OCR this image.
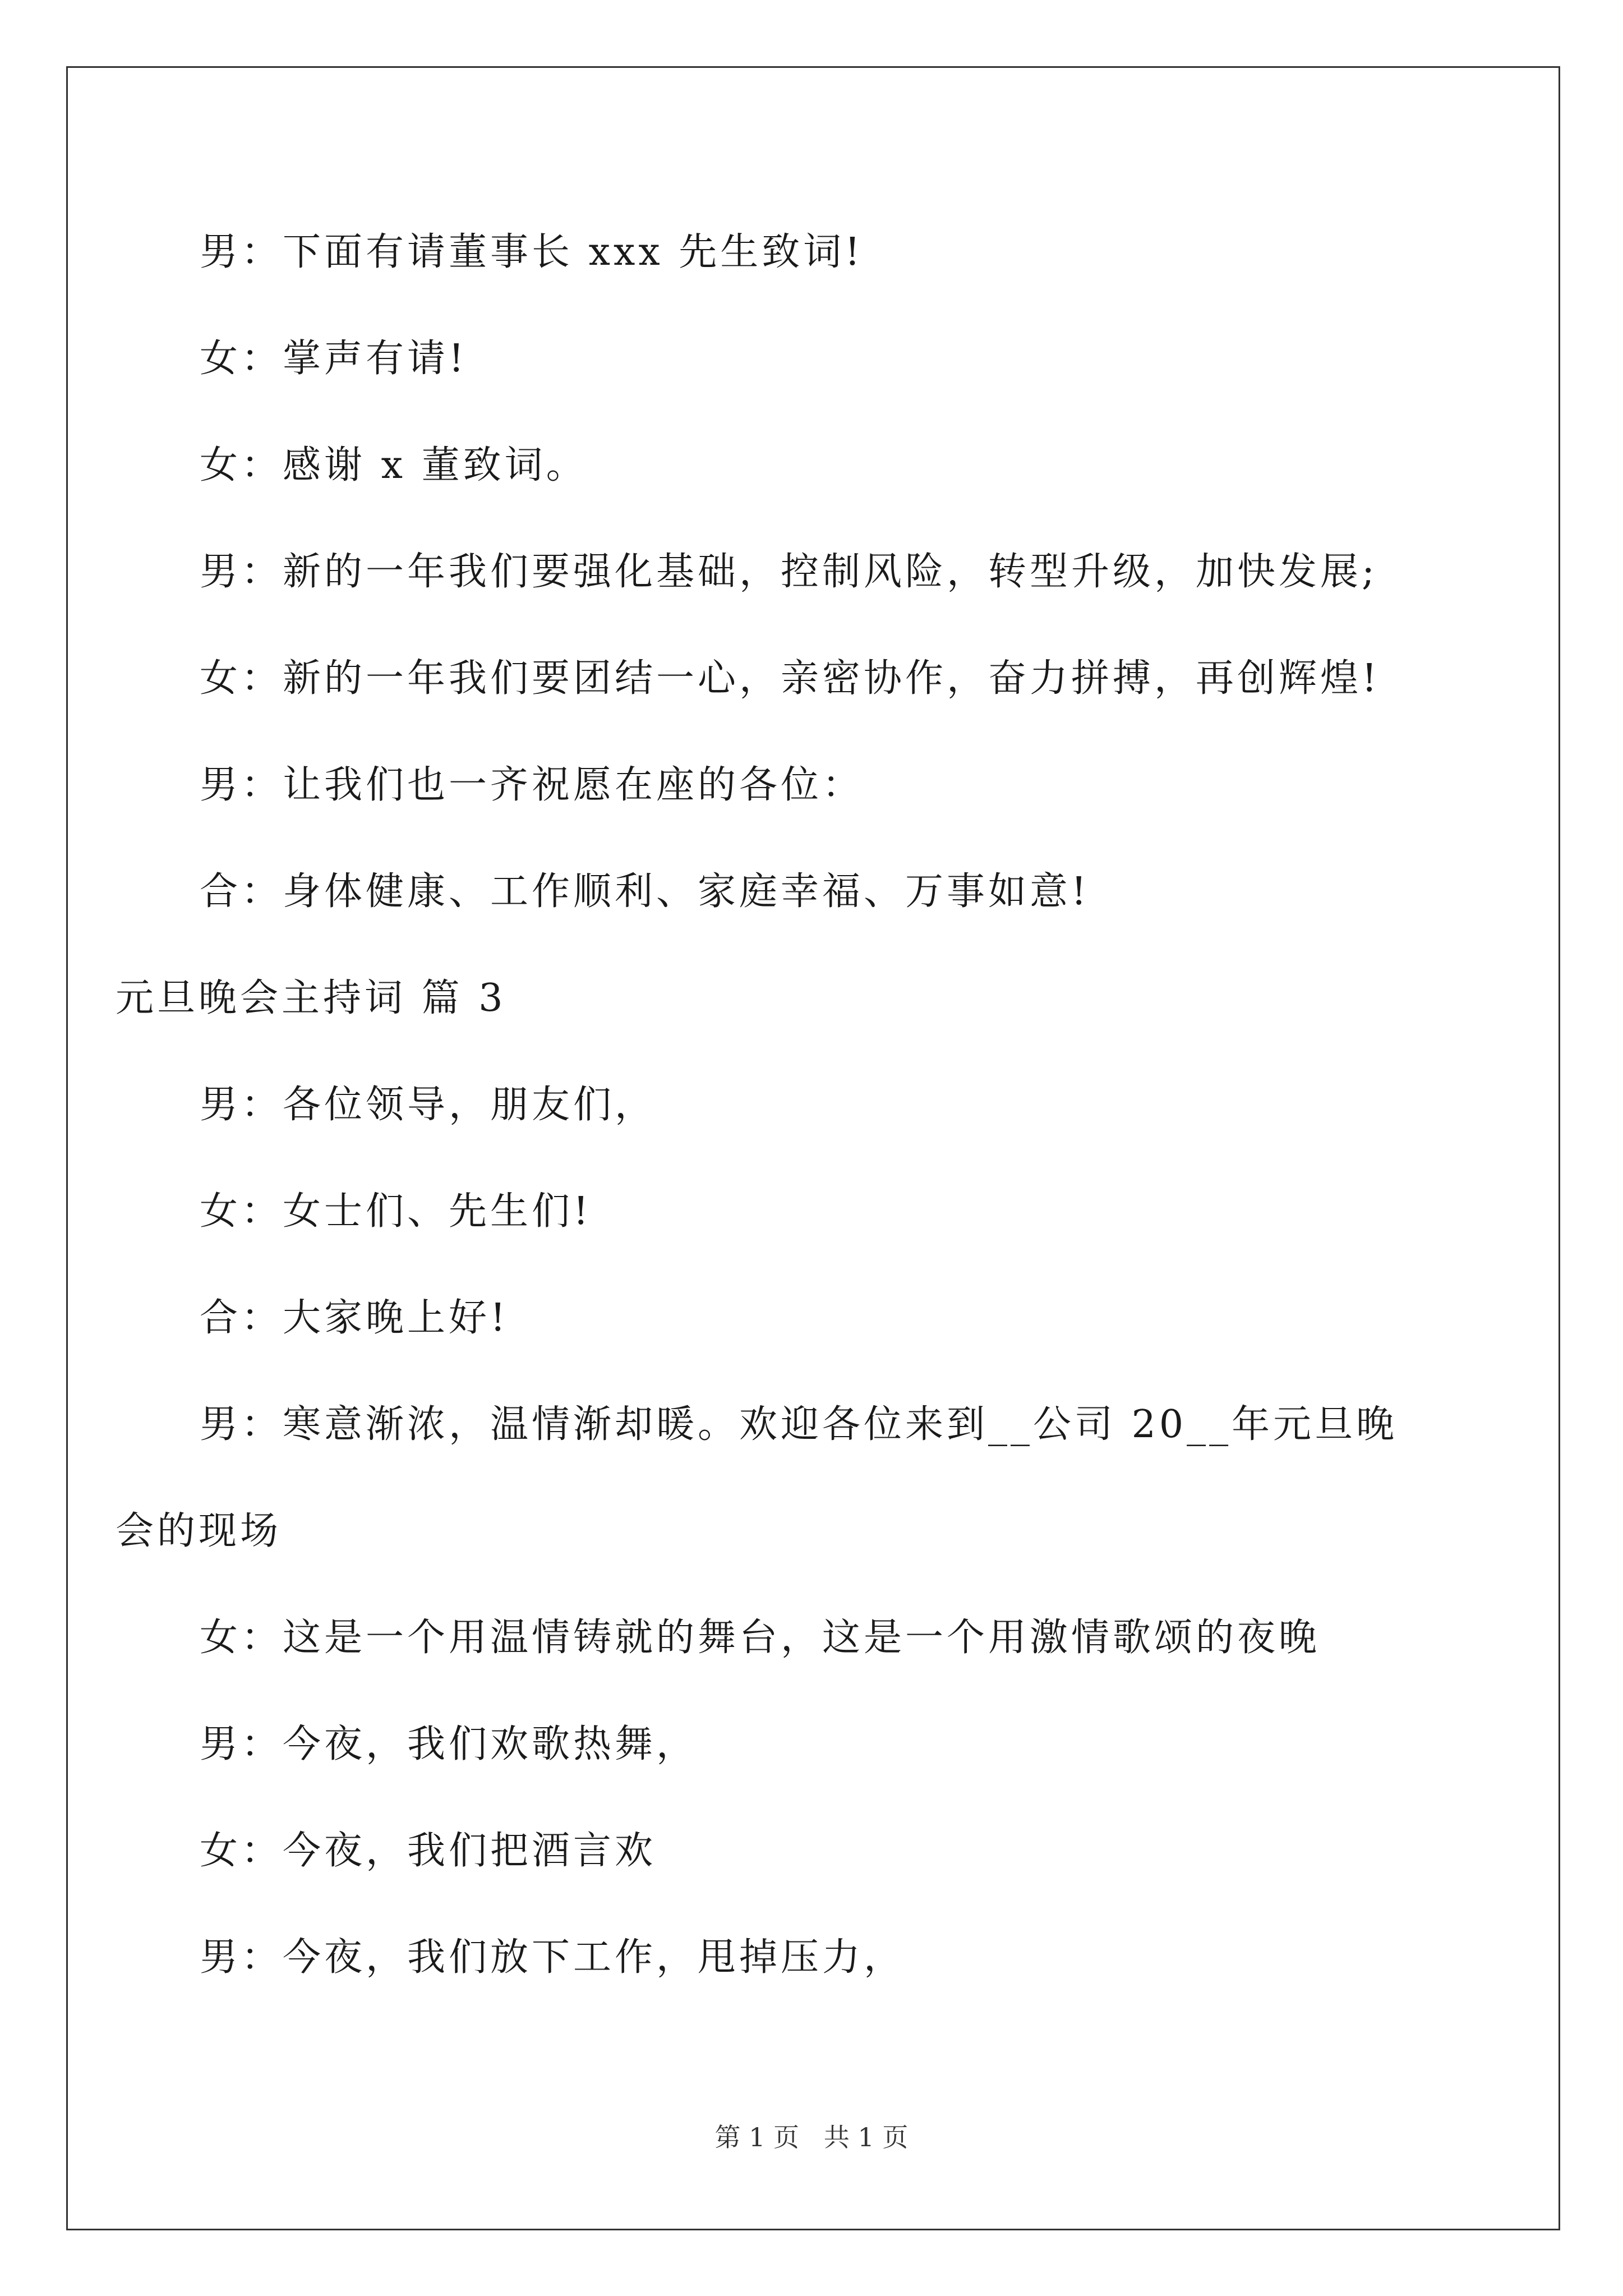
男：下面有请董事长 xxx 先生致词!
女：掌声有请!
女：感谢 x 董致词。
男：新的一年我们要强化基础，控制风险，转型升级，加快发展;
女：新的一年我们要团结一心，亲密协作，奋力拼搏，再创辉煌!
男：让我们也一齐祝愿在座的各位：
合：身体健康、工作顺利、家庭幸福、万事如意!
元旦晚会主持词 篇 3
男：各位领导，朋友们，
女：女士们、先生们!
合：大家晚上好!
男：寒意渐浓，温情渐却暖。欢迎各位来到__公司 20__年元旦晚
会的现场
女：这是一个用温情铸就的舞台，这是一个用激情歌颂的夜晚
男：今夜，我们欢歌热舞，
女：今夜，我们把酒言欢
男：今夜，我们放下工作，甩掉压力，
第 1 页   共 1 页
